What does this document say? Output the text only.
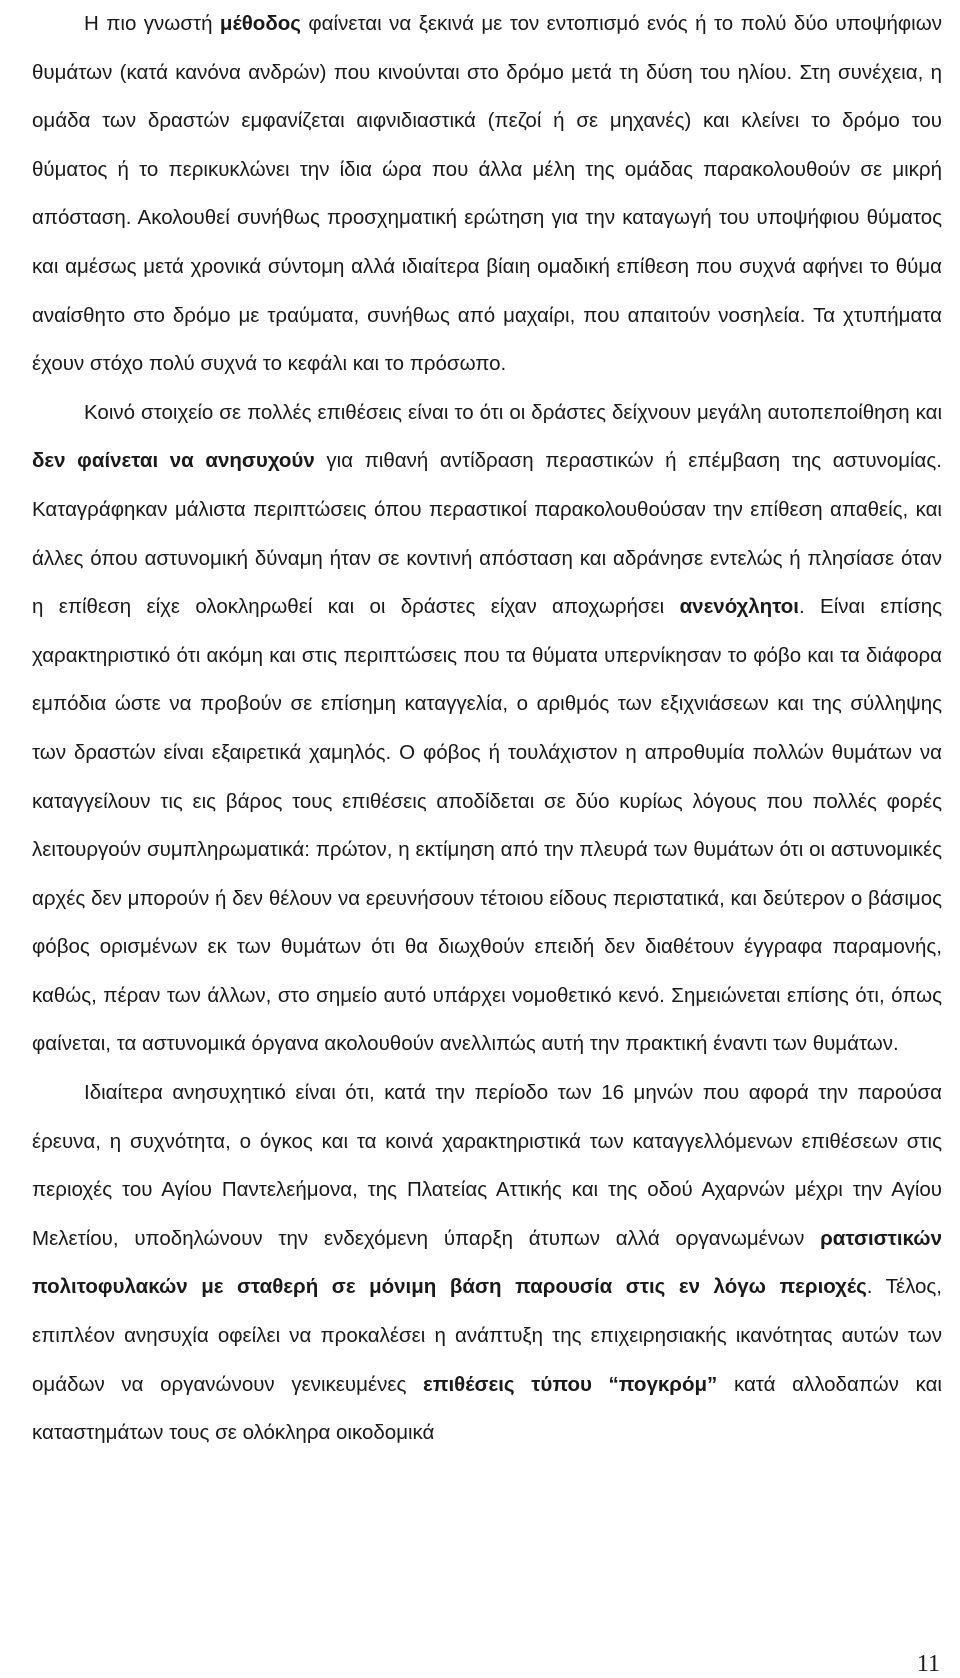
Η πιο γνωστή μέθοδος φαίνεται να ξεκινά με τον εντοπισμό ενός ή το πολύ δύο υποψήφιων θυμάτων (κατά κανόνα ανδρών) που κινούνται στο δρόμο μετά τη δύση του ηλίου. Στη συνέχεια, η ομάδα των δραστών εμφανίζεται αιφνιδιαστικά (πεζοί ή σε μηχανές) και κλείνει το δρόμο του θύματος ή το περικυκλώνει την ίδια ώρα που άλλα μέλη της ομάδας παρακολουθούν σε μικρή απόσταση. Ακολουθεί συνήθως προσχηματική ερώτηση για την καταγωγή του υποψήφιου θύματος και αμέσως μετά χρονικά σύντομη αλλά ιδιαίτερα βίαιη ομαδική επίθεση που συχνά αφήνει το θύμα αναίσθητο στο δρόμο με τραύματα, συνήθως από μαχαίρι, που απαιτούν νοσηλεία. Τα χτυπήματα έχουν στόχο πολύ συχνά το κεφάλι και το πρόσωπο.

Κοινό στοιχείο σε πολλές επιθέσεις είναι το ότι οι δράστες δείχνουν μεγάλη αυτοπεποίθηση και δεν φαίνεται να ανησυχούν για πιθανή αντίδραση περαστικών ή επέμβαση της αστυνομίας. Καταγράφηκαν μάλιστα περιπτώσεις όπου περαστικοί παρακολουθούσαν την επίθεση απαθείς, και άλλες όπου αστυνομική δύναμη ήταν σε κοντινή απόσταση και αδράνησε εντελώς ή πλησίασε όταν η επίθεση είχε ολοκληρωθεί και οι δράστες είχαν αποχωρήσει ανενόχλητοι. Είναι επίσης χαρακτηριστικό ότι ακόμη και στις περιπτώσεις που τα θύματα υπερνίκησαν το φόβο και τα διάφορα εμπόδια ώστε να προβούν σε επίσημη καταγγελία, ο αριθμός των εξιχνιάσεων και της σύλληψης των δραστών είναι εξαιρετικά χαμηλός. Ο φόβος ή τουλάχιστον η απροθυμία πολλών θυμάτων να καταγγείλουν τις εις βάρος τους επιθέσεις αποδίδεται σε δύο κυρίως λόγους που πολλές φορές λειτουργούν συμπληρωματικά: πρώτον, η εκτίμηση από την πλευρά των θυμάτων ότι οι αστυνομικές αρχές δεν μπορούν ή δεν θέλουν να ερευνήσουν τέτοιου είδους περιστατικά, και δεύτερον ο βάσιμος φόβος ορισμένων εκ των θυμάτων ότι θα διωχθούν επειδή δεν διαθέτουν έγγραφα παραμονής, καθώς, πέραν των άλλων, στο σημείο αυτό υπάρχει νομοθετικό κενό. Σημειώνεται επίσης ότι, όπως φαίνεται, τα αστυνομικά όργανα ακολουθούν ανελλιπώς αυτή την πρακτική έναντι των θυμάτων.

Ιδιαίτερα ανησυχητικό είναι ότι, κατά την περίοδο των 16 μηνών που αφορά την παρούσα έρευνα, η συχνότητα, ο όγκος και τα κοινά χαρακτηριστικά των καταγγελλόμενων επιθέσεων στις περιοχές του Αγίου Παντελεήμονα, της Πλατείας Αττικής και της οδού Αχαρνών μέχρι την Αγίου Μελετίου, υποδηλώνουν την ενδεχόμενη ύπαρξη άτυπων αλλά οργανωμένων ρατσιστικών πολιτοφυλακών με σταθερή σε μόνιμη βάση παρουσία στις εν λόγω περιοχές. Τέλος, επιπλέον ανησυχία οφείλει να προκαλέσει η ανάπτυξη της επιχειρησιακής ικανότητας αυτών των ομάδων να οργανώνουν γενικευμένες επιθέσεις τύπου “πογκρόμ” κατά αλλοδαπών και καταστημάτων τους σε ολόκληρα οικοδομικά

11
